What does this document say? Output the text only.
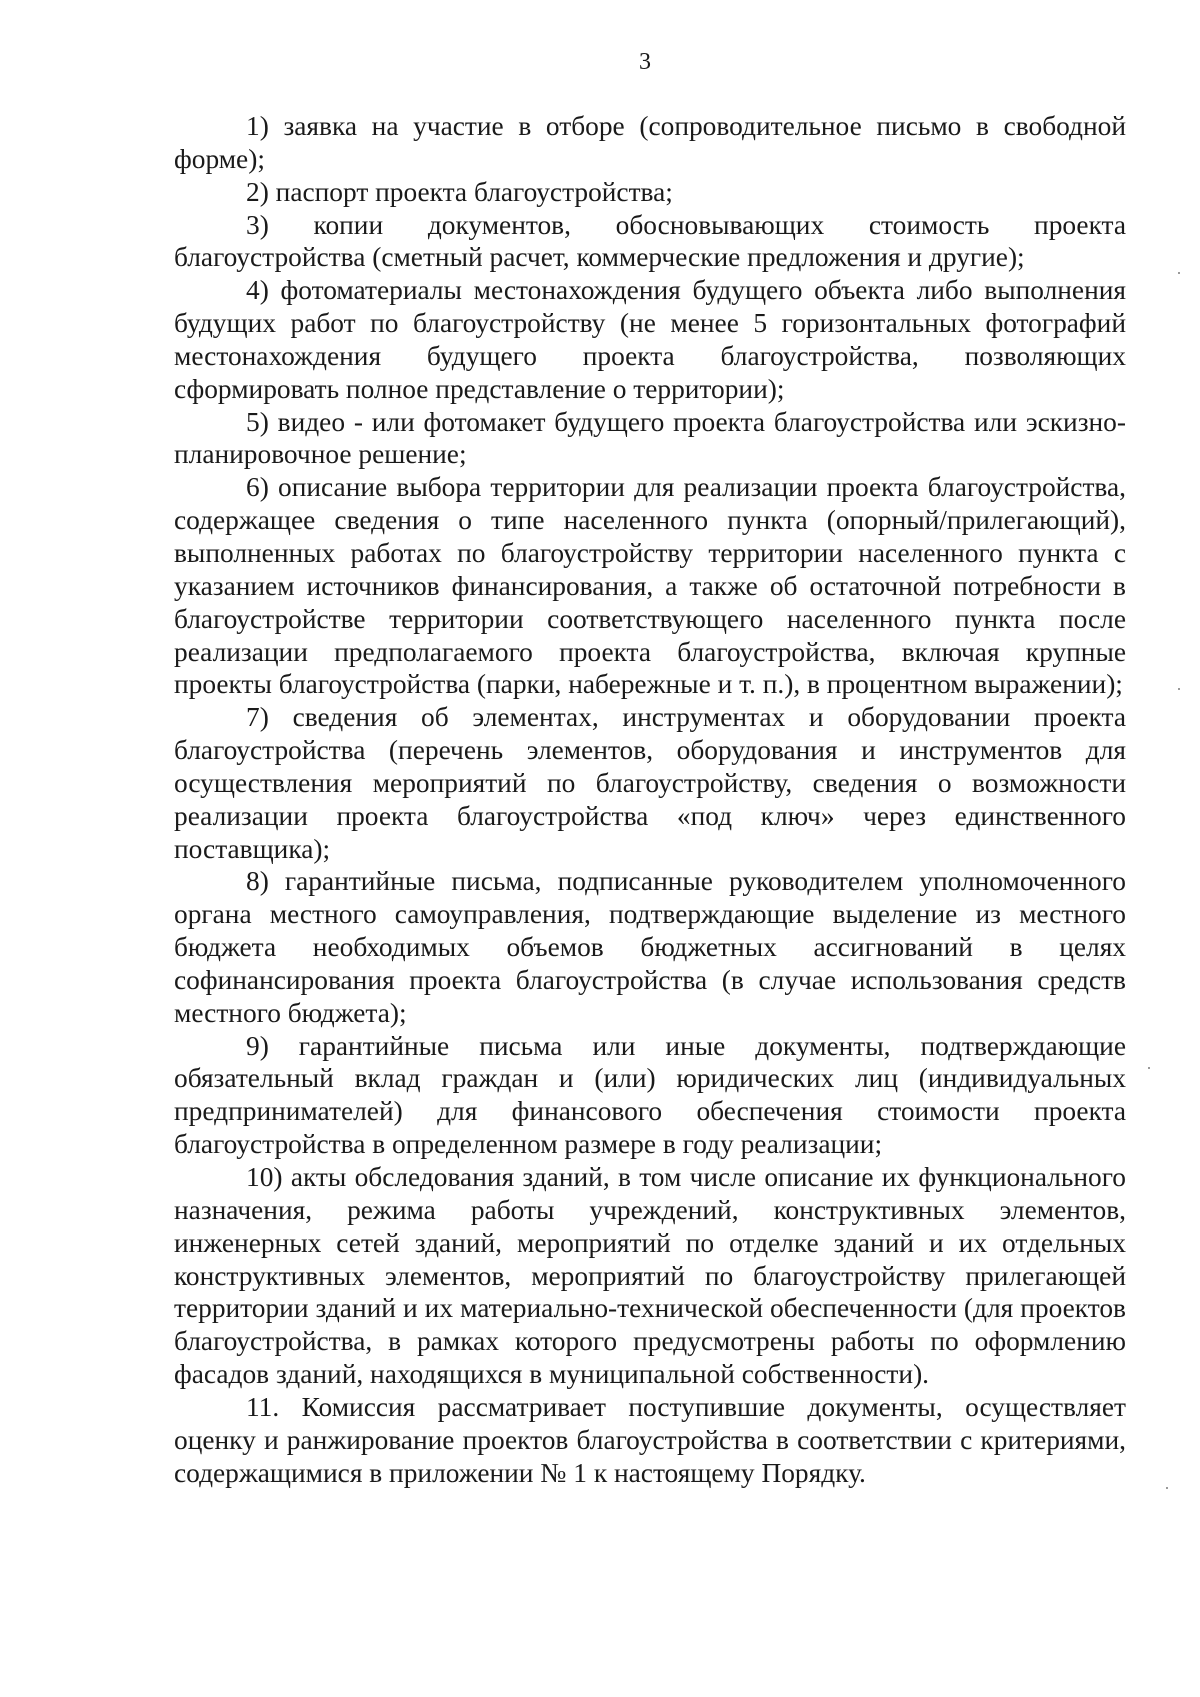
3

1) заявка на участие в отборе (сопроводительное письмо в свободной форме);

2) паспорт проекта благоустройства;

3) копии документов, обосновывающих стоимость проекта благоустройства (сметный расчет, коммерческие предложения и другие);

4) фотоматериалы местонахождения будущего объекта либо выполнения будущих работ по благоустройству (не менее 5 горизонтальных фотографий местонахождения будущего проекта благоустройства, позволяющих сформировать полное представление о территории);

5) видео - или фотомакет будущего проекта благоустройства или эскизно-планировочное решение;

6) описание выбора территории для реализации проекта благоустройства, содержащее сведения о типе населенного пункта (опорный/прилегающий), выполненных работах по благоустройству территории населенного пункта с указанием источников финансирования, а также об остаточной потребности в благоустройстве территории соответствующего населенного пункта после реализации предполагаемого проекта благоустройства, включая крупные проекты благоустройства (парки, набережные и т. п.), в процентном выражении);

7) сведения об элементах, инструментах и оборудовании проекта благоустройства (перечень элементов, оборудования и инструментов для осуществления мероприятий по благоустройству, сведения о возможности реализации проекта благоустройства «под ключ» через единственного поставщика);

8) гарантийные письма, подписанные руководителем уполномоченного органа местного самоуправления, подтверждающие выделение из местного бюджета необходимых объемов бюджетных ассигнований в целях софинансирования проекта благоустройства (в случае использования средств местного бюджета);

9) гарантийные письма или иные документы, подтверждающие обязательный вклад граждан и (или) юридических лиц (индивидуальных предпринимателей) для финансового обеспечения стоимости проекта благоустройства в определенном размере в году реализации;

10) акты обследования зданий, в том числе описание их функционального назначения, режима работы учреждений, конструктивных элементов, инженерных сетей зданий, мероприятий по отделке зданий и их отдельных конструктивных элементов, мероприятий по благоустройству прилегающей территории зданий и их материально-технической обеспеченности (для проектов благоустройства, в рамках которого предусмотрены работы по оформлению фасадов зданий, находящихся в муниципальной собственности).

11. Комиссия рассматривает поступившие документы, осуществляет оценку и ранжирование проектов благоустройства в соответствии с критериями, содержащимися в приложении № 1 к настоящему Порядку.
